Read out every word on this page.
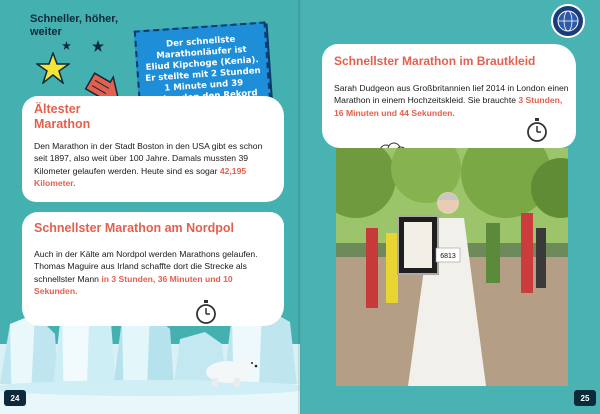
Schneller, höher, weiter

Der schnellste Marathonläufer ist Eliud Kipchoge (Kenia). Er stellte mit 2 Stunden 1 Minute und 39 Rekord

Ältester
Marathon
Den Marathon in der Stadt Boston in den USA gibt es schon seit 1897, also weit über 100 Jahre. Damals mussten 39 Kilometer gelaufen werden. Heute sind es sogar 42,195 Kilometer.
Schnellster Marathon am Nordpol
Auch in der Kälte am Nordpol werden Marathons gelaufen. Thomas Maguire aus Irland schaffte dort die Strecke als schnellster Mann in 3 Stunden, 36 Minuten und 10 Sekunden.
24
Schnellster Marathon im Brautkleid
Sarah Dudgeon aus Großbritannien lief 2014 in London einen Marathon in einem Hochzeitskleid. Sie brauchte 3 Stunden, 16 Minuten und 44 Sekunden.
6813
25
